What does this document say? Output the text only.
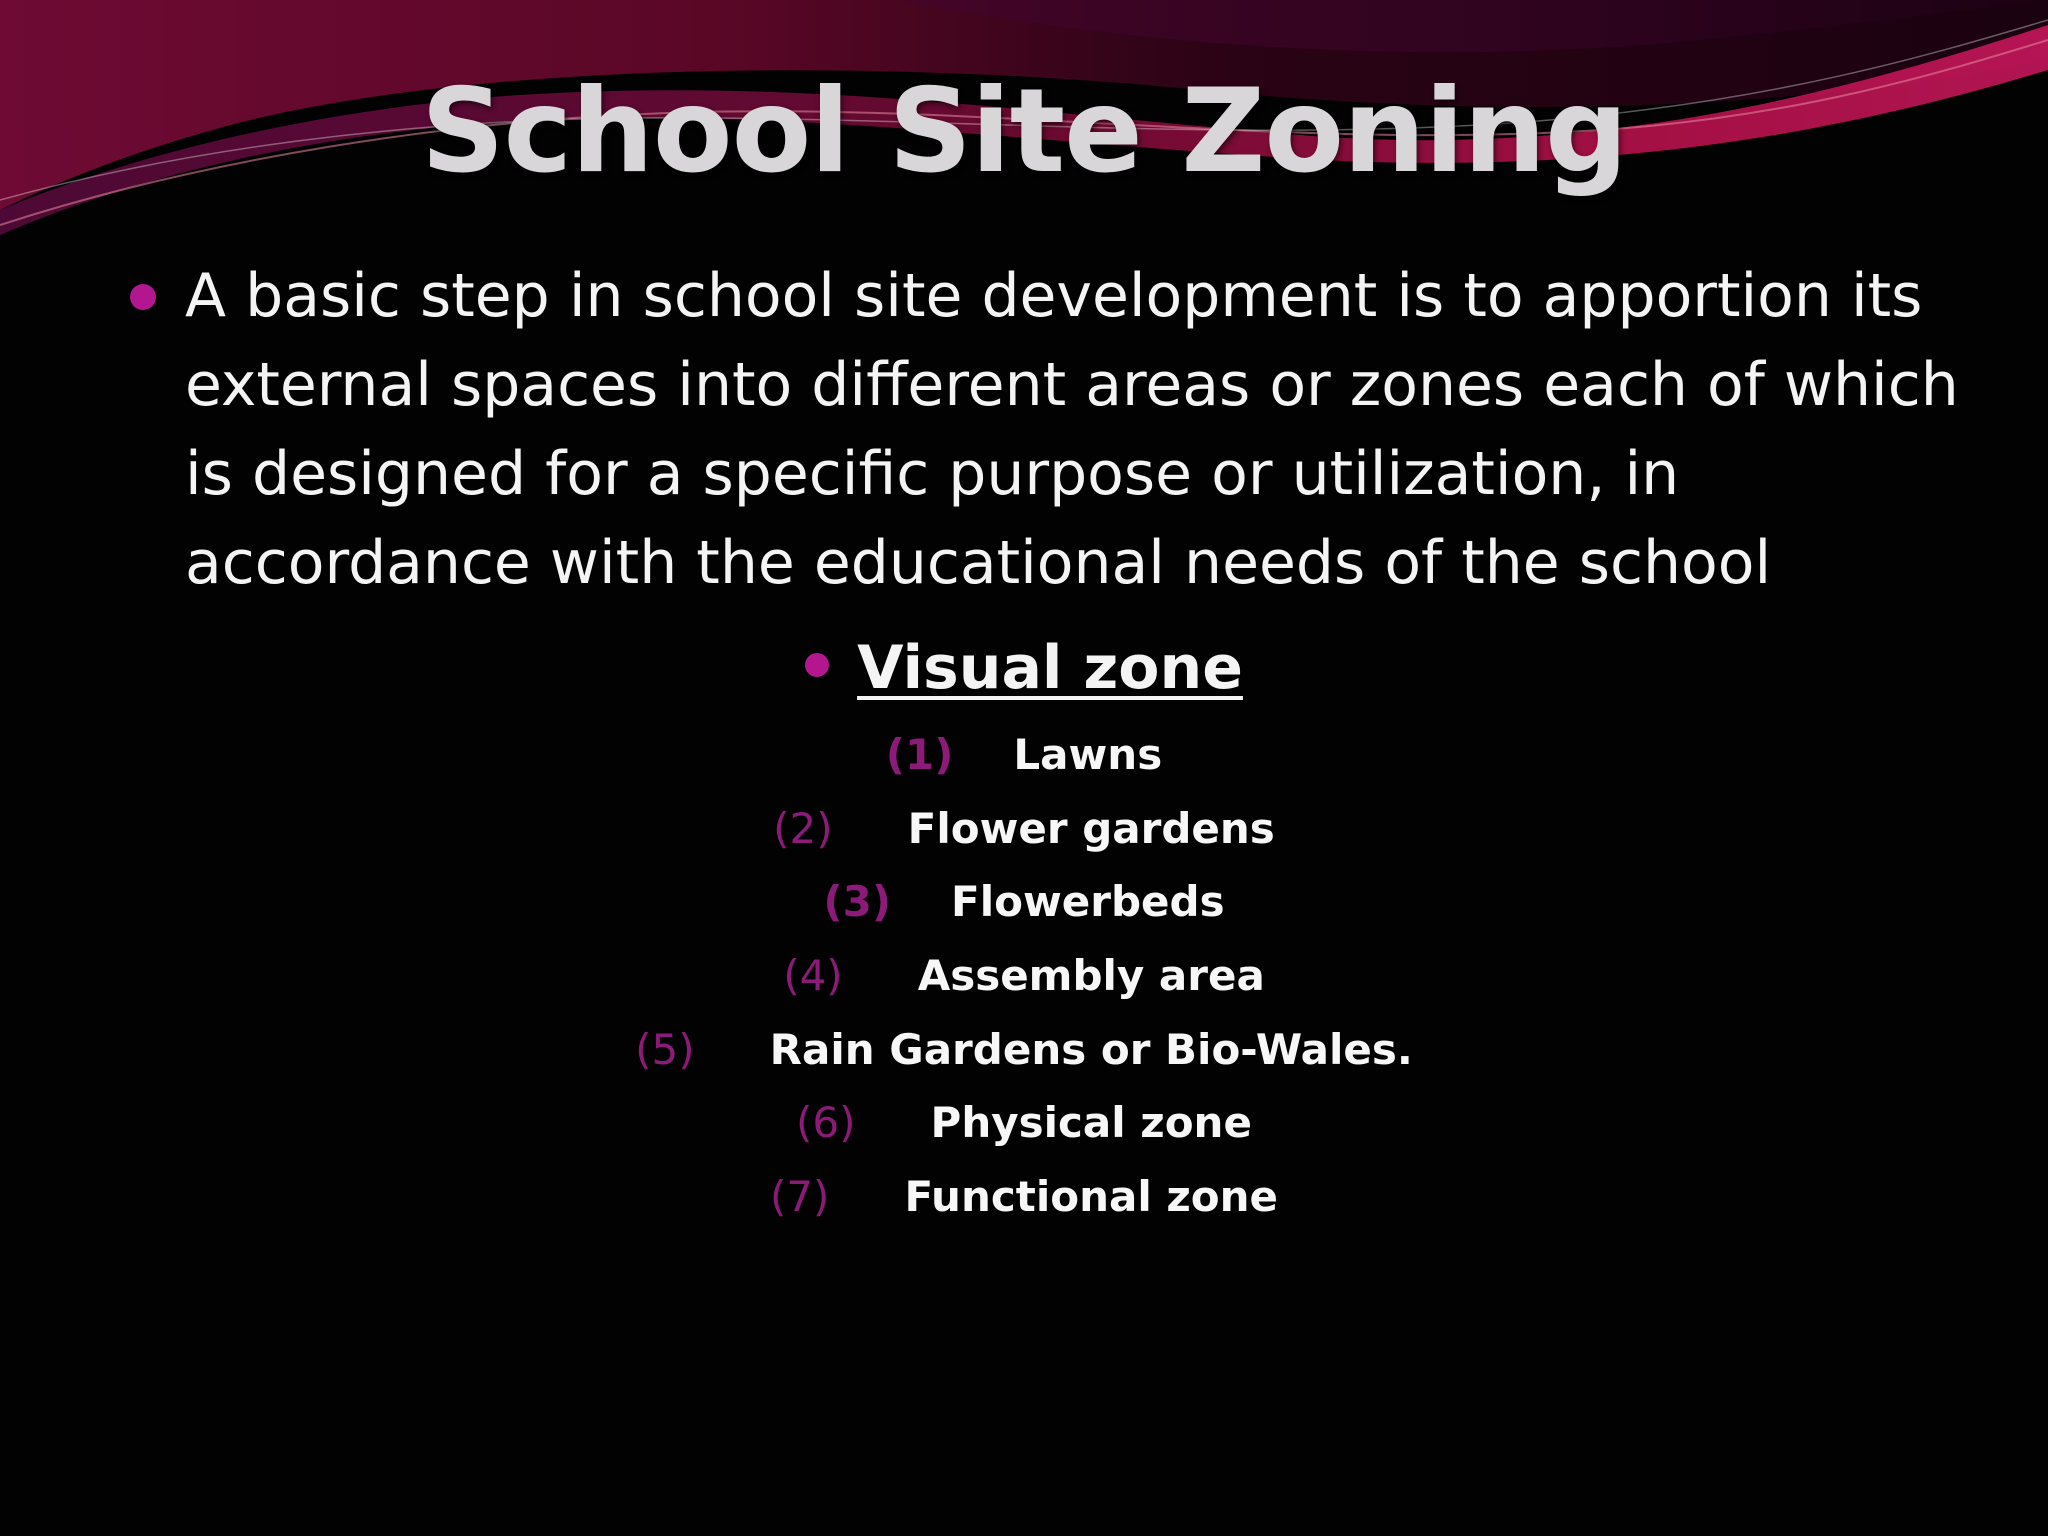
School Site Zoning
A basic step in school site development is to apportion its external spaces into different areas or zones each of which is designed for a specific purpose or utilization, in accordance with the educational needs of the school
Visual zone
(1) Lawns
(2) Flower gardens
(3) Flowerbeds
(4) Assembly area
(5) Rain Gardens or Bio-Wales.
(6) Physical zone
(7) Functional zone
